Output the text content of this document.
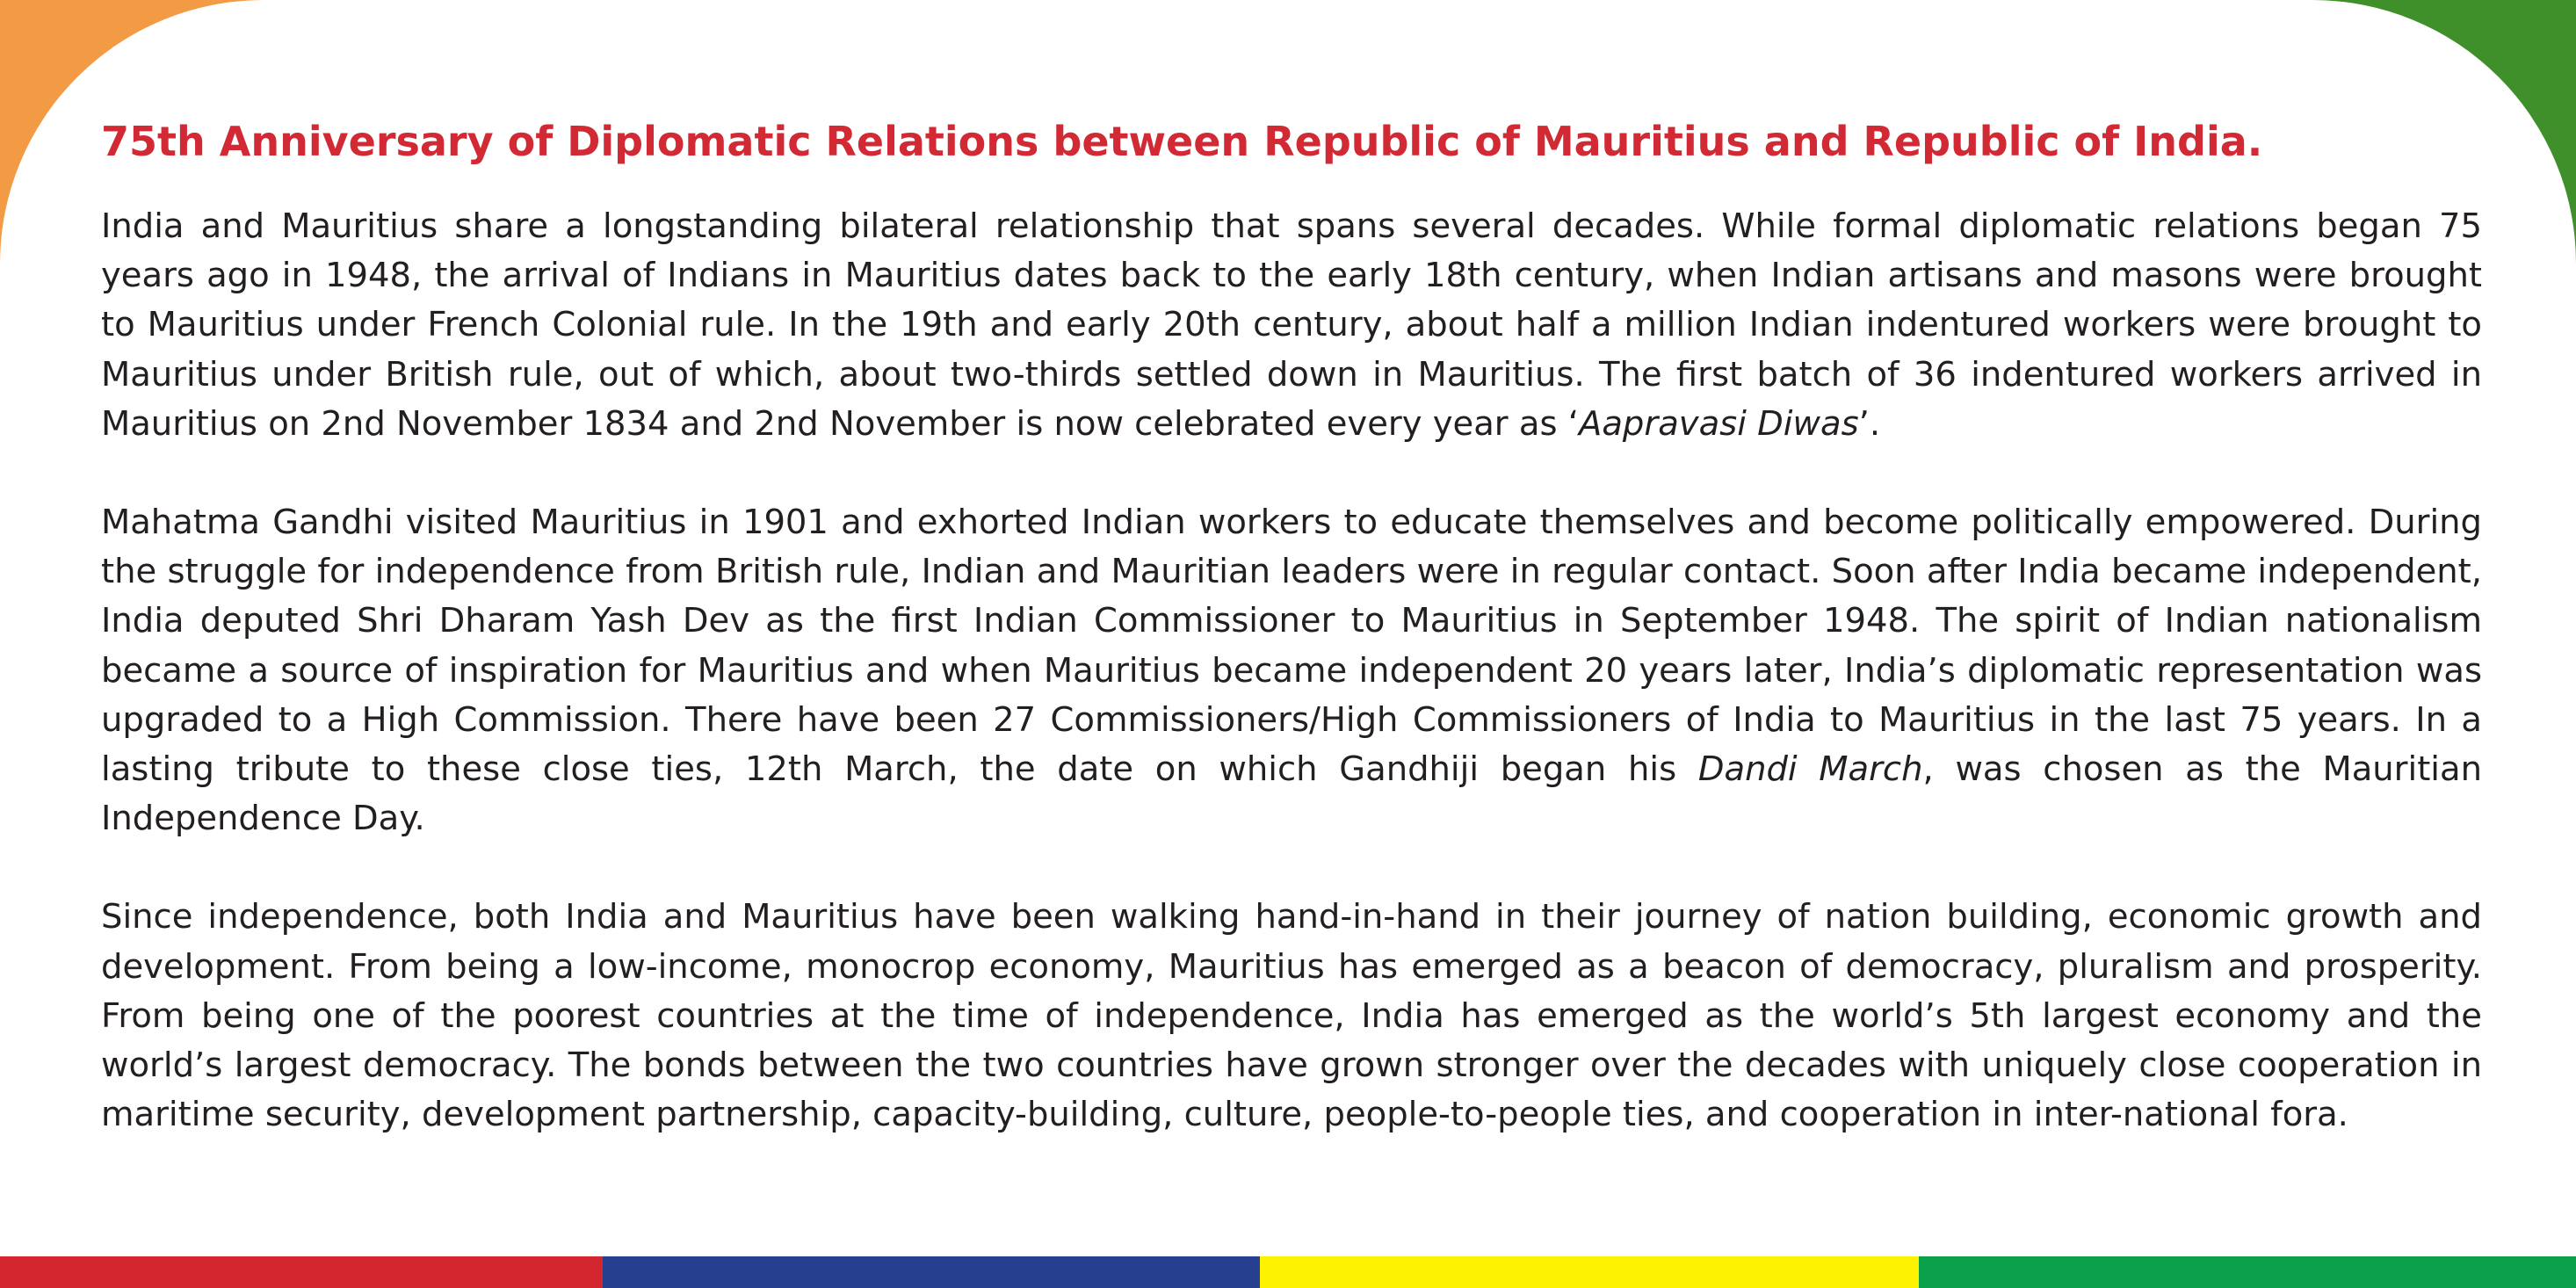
75th Anniversary of Diplomatic Relations between Republic of Mauritius and Republic of India.

India and Mauritius share a longstanding bilateral relationship that spans several decades. While formal diplomatic relations began 75 years ago in 1948, the arrival of Indians in Mauritius dates back to the early 18th century, when Indian artisans and masons were brought to Mauritius under French Colonial rule. In the 19th and early 20th century, about half a million Indian indentured workers were brought to Mauritius under British rule, out of which, about two-thirds settled down in Mauritius. The first batch of 36 indentured workers arrived in Mauritius on 2nd November 1834 and 2nd November is now celebrated every year as ‘Aapravasi Diwas’.

Mahatma Gandhi visited Mauritius in 1901 and exhorted Indian workers to educate themselves and become politically empowered. During the struggle for independence from British rule, Indian and Mauritian leaders were in regular contact. Soon after India became independent, India deputed Shri Dharam Yash Dev as the first Indian Commissioner to Mauritius in September 1948. The spirit of Indian nationalism became a source of inspiration for Mauritius and when Mauritius became independent 20 years later, India’s diplomatic representation was upgraded to a High Commission. There have been 27 Commissioners/High Commissioners of India to Mauritius in the last 75 years. In a lasting tribute to these close ties, 12th March, the date on which Gandhiji began his Dandi March, was chosen as the Mauritian Independence Day.

Since independence, both India and Mauritius have been walking hand-in-hand in their journey of nation building, economic growth and development. From being a low-income, monocrop economy, Mauritius has emerged as a beacon of democracy, pluralism and prosperity. From being one of the poorest countries at the time of independence, India has emerged as the world’s 5th largest economy and the world’s largest democracy. The bonds between the two countries have grown stronger over the decades with uniquely close cooperation in maritime security, development partnership, capacity-building, culture, people-to-people ties, and cooperation in inter-national fora.
